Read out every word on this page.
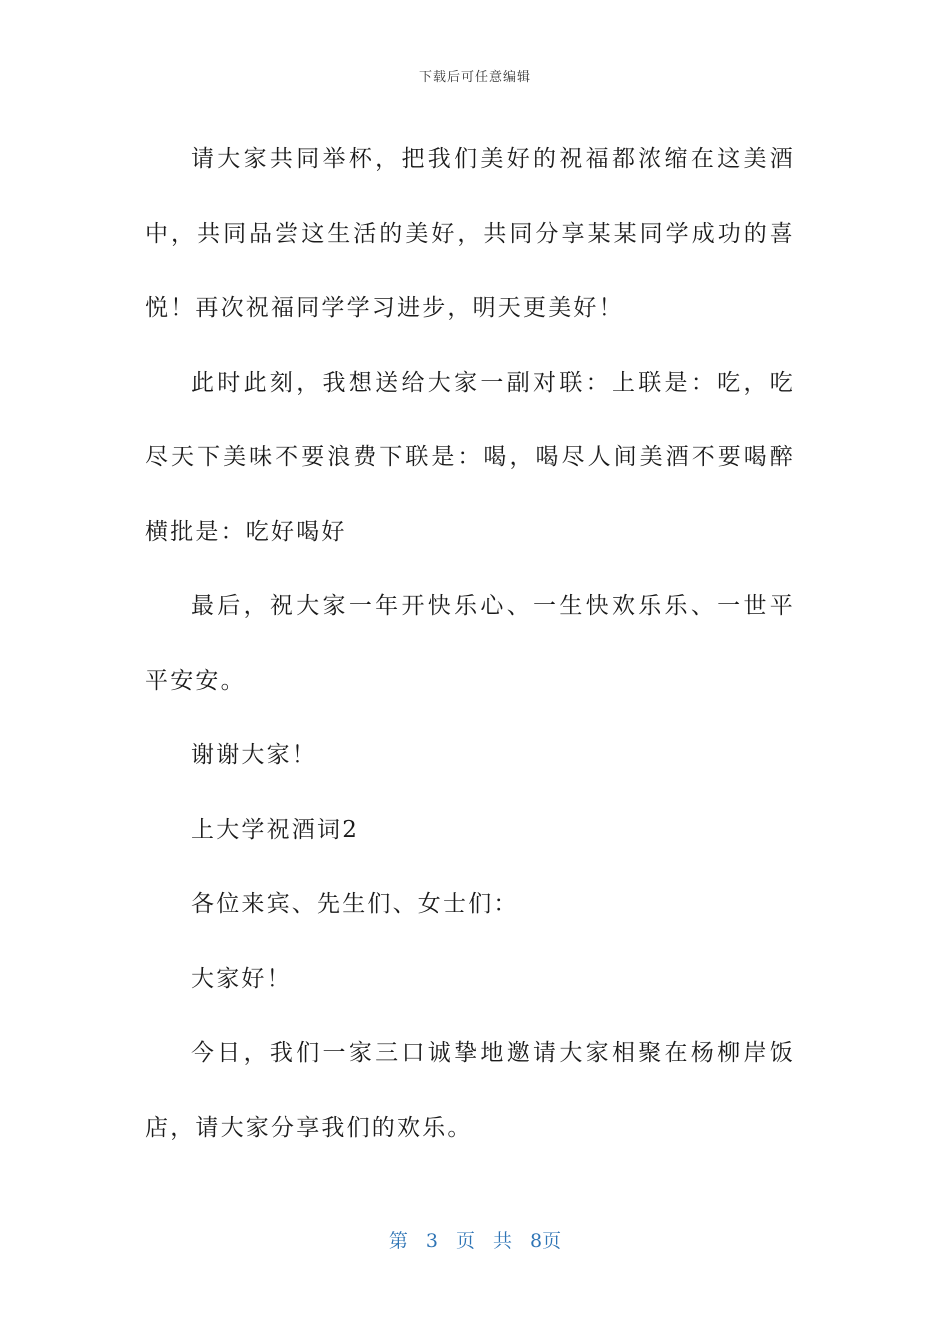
下载后可任意编辑

请大家共同举杯，把我们美好的祝福都浓缩在这美酒中，共同品尝这生活的美好，共同分享某某同学成功的喜悦！再次祝福同学学习进步，明天更美好！

此时此刻，我想送给大家一副对联：上联是：吃，吃尽天下美味不要浪费下联是：喝，喝尽人间美酒不要喝醉横批是：吃好喝好

最后，祝大家一年开快乐心、一生快欢乐乐、一世平平安安。

谢谢大家！

上大学祝酒词2

各位来宾、先生们、女士们：

大家好！

今日，我们一家三口诚挚地邀请大家相聚在杨柳岸饭店，请大家分享我们的欢乐。

第 3 页 共 8页
